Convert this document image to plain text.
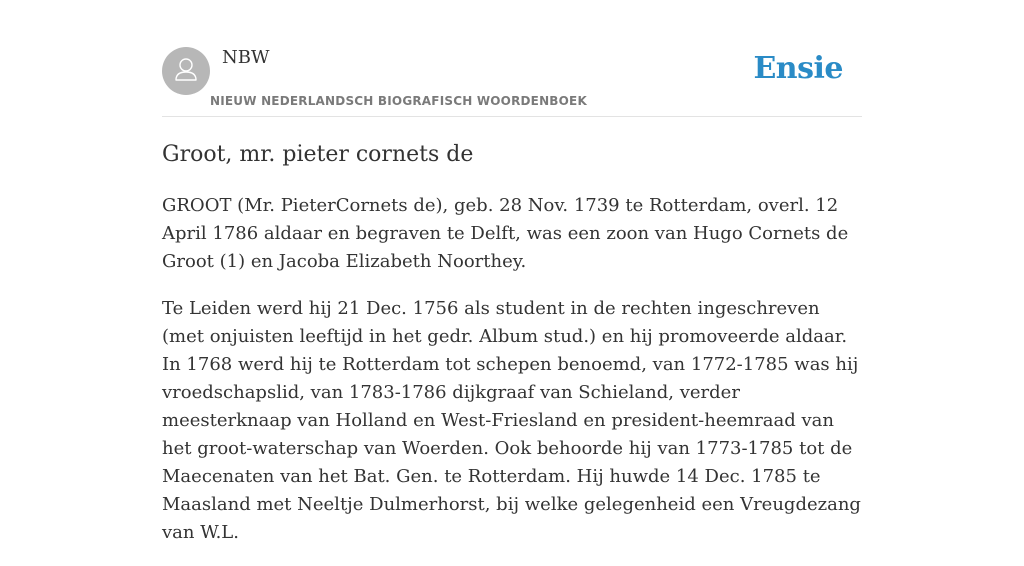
NBW
NIEUW NEDERLANDSCH BIOGRAFISCH WOORDENBOEK
Ensie
Groot, mr. pieter cornets de

GROOT (Mr. PieterCornets de), geb. 28 Nov. 1739 te Rotterdam, overl. 12 April 1786 aldaar en begraven te Delft, was een zoon van Hugo Cornets de Groot (1) en Jacoba Elizabeth Noorthey.

Te Leiden werd hij 21 Dec. 1756 als student in de rechten ingeschreven (met onjuisten leeftijd in het gedr. Album stud.) en hij promoveerde aldaar. In 1768 werd hij te Rotterdam tot schepen benoemd, van 1772-1785 was hij vroedschapslid, van 1783-1786 dijkgraaf van Schieland, verder meesterknaap van Holland en West-Friesland en president-heemraad van het groot-waterschap van Woerden. Ook behoorde hij van 1773-1785 tot de Maecenaten van het Bat. Gen. te Rotterdam. Hij huwde 14 Dec. 1785 te Maasland met Neeltje Dulmerhorst, bij welke gelegenheid een Vreugdezang van W.L.
